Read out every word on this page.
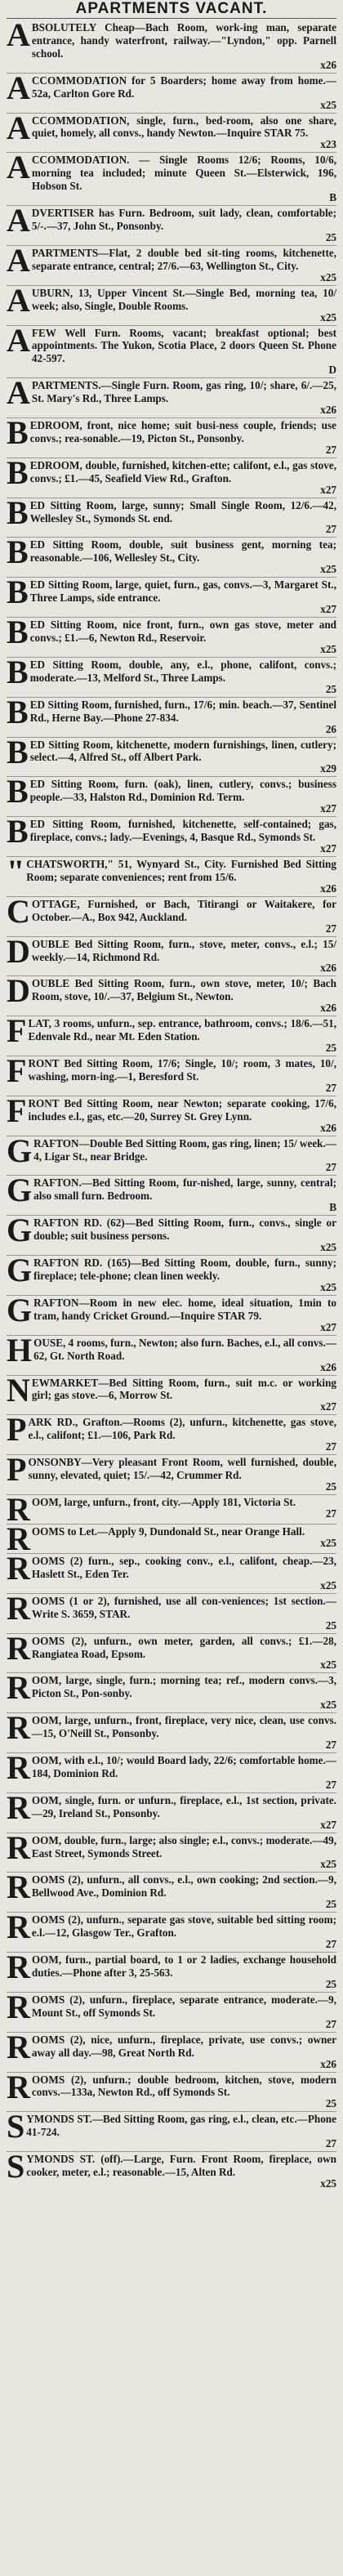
APARTMENTS VACANT.
ABSOLUTELY Cheap—Bach Room, work-ing man, separate entrance, handy waterfront, railway.—"Lyndon," opp. Parnell school.
x26
ACCOMMODATION for 5 Boarders; home away from home.—52a, Carlton Gore Rd.
x25
ACCOMMODATION, single, furn., bed-room, also one share, quiet, homely, all convs., handy Newton.—Inquire STAR 75.
x23
ACCOMMODATION. — Single Rooms 12/6; Rooms, 10/6, morning tea included; minute Queen St.—Elsterwick, 196, Hobson St.
B
ADVERTISER has Furn. Bedroom, suit lady, clean, comfortable; 5/-.—37, John St., Ponsonby.
25
APARTMENTS—Flat, 2 double bed sit-ting rooms, kitchenette, separate entrance, central; 27/6.—63, Wellington St., City.
x25
AUBURN, 13, Upper Vincent St.—Single Bed, morning tea, 10/ week; also, Single, Double Rooms.
x25
AFEW Well Furn. Rooms, vacant; breakfast optional; best appointments. The Yukon, Scotia Place, 2 doors Queen St. Phone 42-597.
D
APARTMENTS.—Single Furn. Room, gas ring, 10/; share, 6/.—25, St. Mary's Rd., Three Lamps.
x26
BEDROOM, front, nice home; suit busi-ness couple, friends; use convs.; rea-sonable.—19, Picton St., Ponsonby.
27
BEDROOM, double, furnished, kitchen-ette; califont, e.l., gas stove, convs.; £1.—45, Seafield View Rd., Grafton.
x27
BED Sitting Room, large, sunny; Small Single Room, 12/6.—42, Wellesley St., Symonds St. end.
27
BED Sitting Room, double, suit business gent, morning tea; reasonable.—106, Wellesley St., City.
x25
BED Sitting Room, large, quiet, furn., gas, convs.—3, Margaret St., Three Lamps, side entrance.
x27
BED Sitting Room, nice front, furn., own gas stove, meter and convs.; £1.—6, Newton Rd., Reservoir.
x25
BED Sitting Room, double, any, e.l., phone, califont, convs.; moderate.—13, Melford St., Three Lamps.
25
BED Sitting Room, furnished, furn., 17/6; min. beach.—37, Sentinel Rd., Herne Bay.—Phone 27-834.
26
BED Sitting Room, kitchenette, modern furnishings, linen, cutlery; select.—4, Alfred St., off Albert Park.
x29
BED Sitting Room, furn. (oak), linen, cutlery, convs.; business people.—33, Halston Rd., Dominion Rd. Term.
x27
BED Sitting Room, furnished, kitchenette, self-contained; gas, fireplace, convs.; lady.—Evenings, 4, Basque Rd., Symonds St.
x27
" CHATSWORTH," 51, Wynyard St., City. Furnished Bed Sitting Room; separate conveniences; rent from 15/6.
x26
COTTAGE, Furnished, or Bach, Titirangi or Waitakere, for October.—A., Box 942, Auckland.
27
DOUBLE Bed Sitting Room, furn., stove, meter, convs., e.l.; 15/ weekly.—14, Richmond Rd.
x26
DOUBLE Bed Sitting Room, furn., own stove, meter, 10/; Bach Room, stove, 10/.—37, Belgium St., Newton.
x26
FLAT, 3 rooms, unfurn., sep. entrance, bathroom, convs.; 18/6.—51, Edenvale Rd., near Mt. Eden Station.
25
FRONT Bed Sitting Room, 17/6; Single, 10/; room, 3 mates, 10/, washing, morn-ing.—1, Beresford St.
27
FRONT Bed Sitting Room, near Newton; separate cooking, 17/6, includes e.l., gas, etc.—20, Surrey St. Grey Lynn.
x26
GRAFTON—Double Bed Sitting Room, gas ring, linen; 15/ week.—4, Ligar St., near Bridge.
27
GRAFTON.—Bed Sitting Room, fur-nished, large, sunny, central; also small furn. Bedroom.
B
GRAFTON RD. (62)—Bed Sitting Room, furn., convs., single or double; suit business persons.
x25
GRAFTON RD. (165)—Bed Sitting Room, double, furn., sunny; fireplace; tele-phone; clean linen weekly.
x25
GRAFTON—Room in new elec. home, ideal situation, 1min to tram, handy Cricket Ground.—Inquire STAR 79.
x27
HOUSE, 4 rooms, furn., Newton; also furn. Baches, e.l., all convs.—62, Gt. North Road.
x26
NEWMARKET—Bed Sitting Room, furn., suit m.c. or working girl; gas stove.—6, Morrow St.
x27
PARK RD., Grafton.—Rooms (2), unfurn., kitchenette, gas stove, e.l., califont; £1.—106, Park Rd.
27
PONSONBY—Very pleasant Front Room, well furnished, double, sunny, elevated, quiet; 15/.—42, Crummer Rd.
25
ROOM, large, unfurn., front, city.—Apply 181, Victoria St.
27
ROOMS to Let.—Apply 9, Dundonald St., near Orange Hall.
x25
ROOMS (2) furn., sep., cooking conv., e.l., califont, cheap.—23, Haslett St., Eden Ter.
x25
ROOMS (1 or 2), furnished, use all con-veniences; 1st section.—Write S. 3659, STAR.
25
ROOMS (2), unfurn., own meter, garden, all convs.; £1.—28, Rangiatea Road, Epsom.
x25
ROOM, large, single, furn.; morning tea; ref., modern convs.—3, Picton St., Pon-sonby.
x25
ROOM, large, unfurn., front, fireplace, very nice, clean, use convs.—15, O'Neill St., Ponsonby.
27
ROOM, with e.l., 10/; would Board lady, 22/6; comfortable home.—184, Dominion Rd.
27
ROOM, single, furn. or unfurn., fireplace, e.l., 1st section, private.—29, Ireland St., Ponsonby.
x27
ROOM, double, furn., large; also single; e.l., convs.; moderate.—49, East Street, Symonds Street.
x25
ROOMS (2), unfurn., all convs., e.l., own cooking; 2nd section.—9, Bellwood Ave., Dominion Rd.
25
ROOMS (2), unfurn., separate gas stove, suitable bed sitting room; e.l.—12, Glasgow Ter., Grafton.
27
ROOM, furn., partial board, to 1 or 2 ladies, exchange household duties.—Phone after 3, 25-563.
25
ROOMS (2), unfurn., fireplace, separate entrance, moderate.—9, Mount St., off Symonds St.
27
ROOMS (2), nice, unfurn., fireplace, private, use convs.; owner away all day.—98, Great North Rd.
x26
ROOMS (2), unfurn.; double bedroom, kitchen, stove, modern convs.—133a, Newton Rd., off Symonds St.
25
SYMONDS ST.—Bed Sitting Room, gas ring, e.l., clean, etc.—Phone 41-724.
27
SYMONDS ST. (off).—Large, Furn. Front Room, fireplace, own cooker, meter, e.l.; reasonable.—15, Alten Rd.
x25
